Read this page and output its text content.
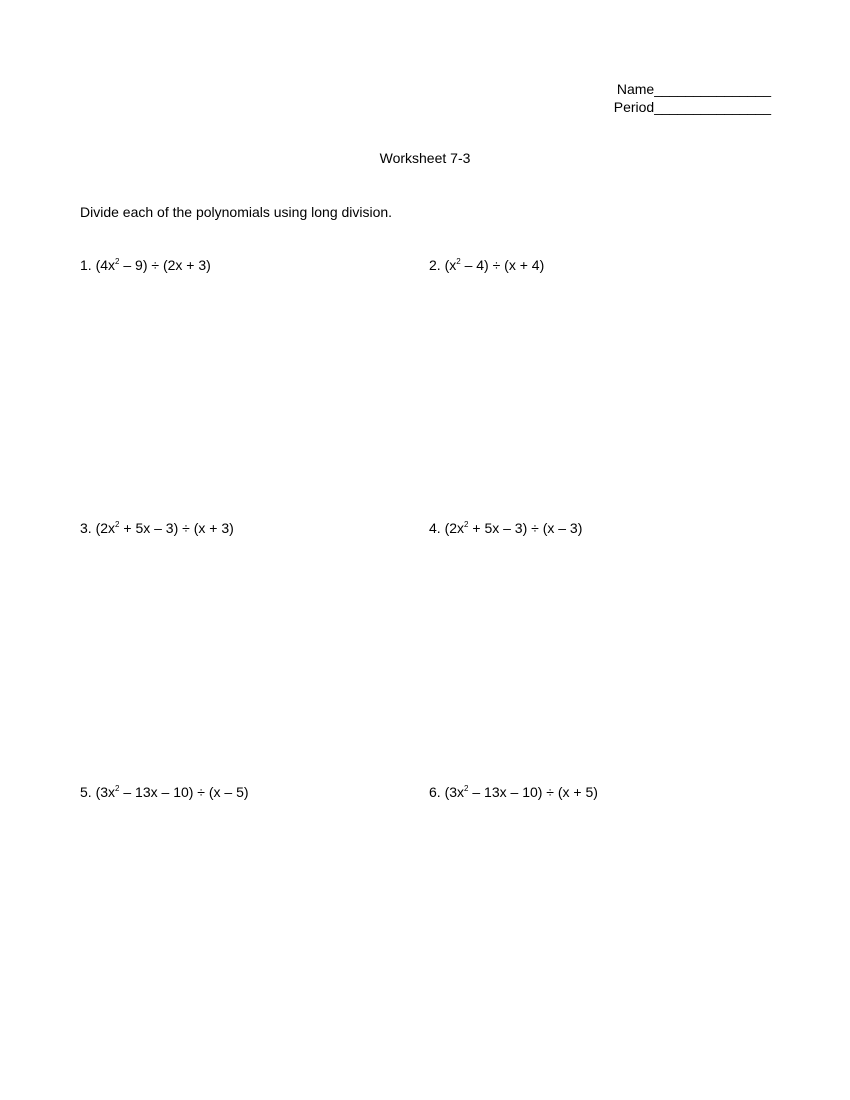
Name_______________
Period_______________
Worksheet 7-3
Divide each of the polynomials using long division.
1. $(4x^2 - 9) \div (2x + 3)$	2. $(x^2 - 4) \div (x + 4)$
3. $(2x^2 + 5x - 3) \div (x + 3)$	4. $(2x^2 + 5x - 3) \div (x - 3)$
5. $(3x^2 - 13x - 10) \div (x - 5)$	6. $(3x^2 - 13x - 10) \div (x + 5)$
